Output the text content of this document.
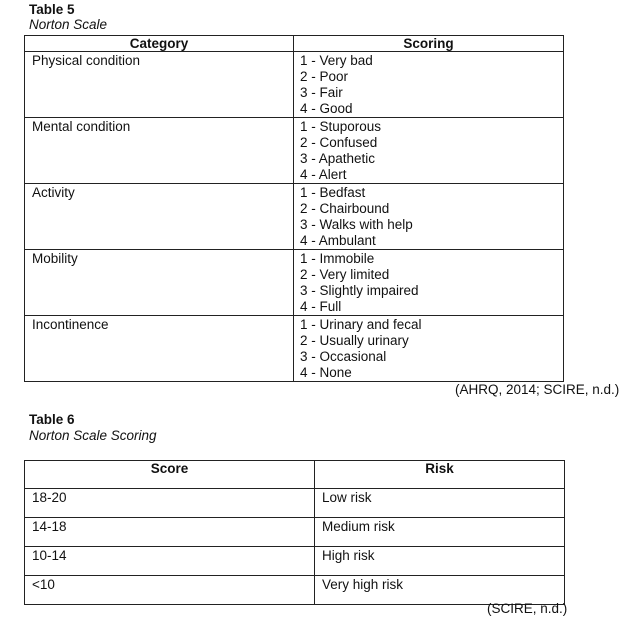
Table 5
Norton Scale
Category	Scoring
Physical condition	1 - Very bad
2 - Poor
3 - Fair
4 - Good

Mental condition	1 - Stuporous
2 - Confused
3 - Apathetic
4 - Alert

Activity	1 - Bedfast
2 - Chairbound
3 - Walks with help
4 - Ambulant

Mobility	1 - Immobile
2 - Very limited
3 - Slightly impaired
4 - Full

Incontinence	1 - Urinary and fecal
2 - Usually urinary
3 - Occasional
4 - None
(AHRQ, 2014; SCIRE, n.d.)
Table 6
Norton Scale Scoring
Score	Risk
18-20	Low risk
14-18	Medium risk
10-14	High risk
<10	Very high risk
(SCIRE, n.d.)
